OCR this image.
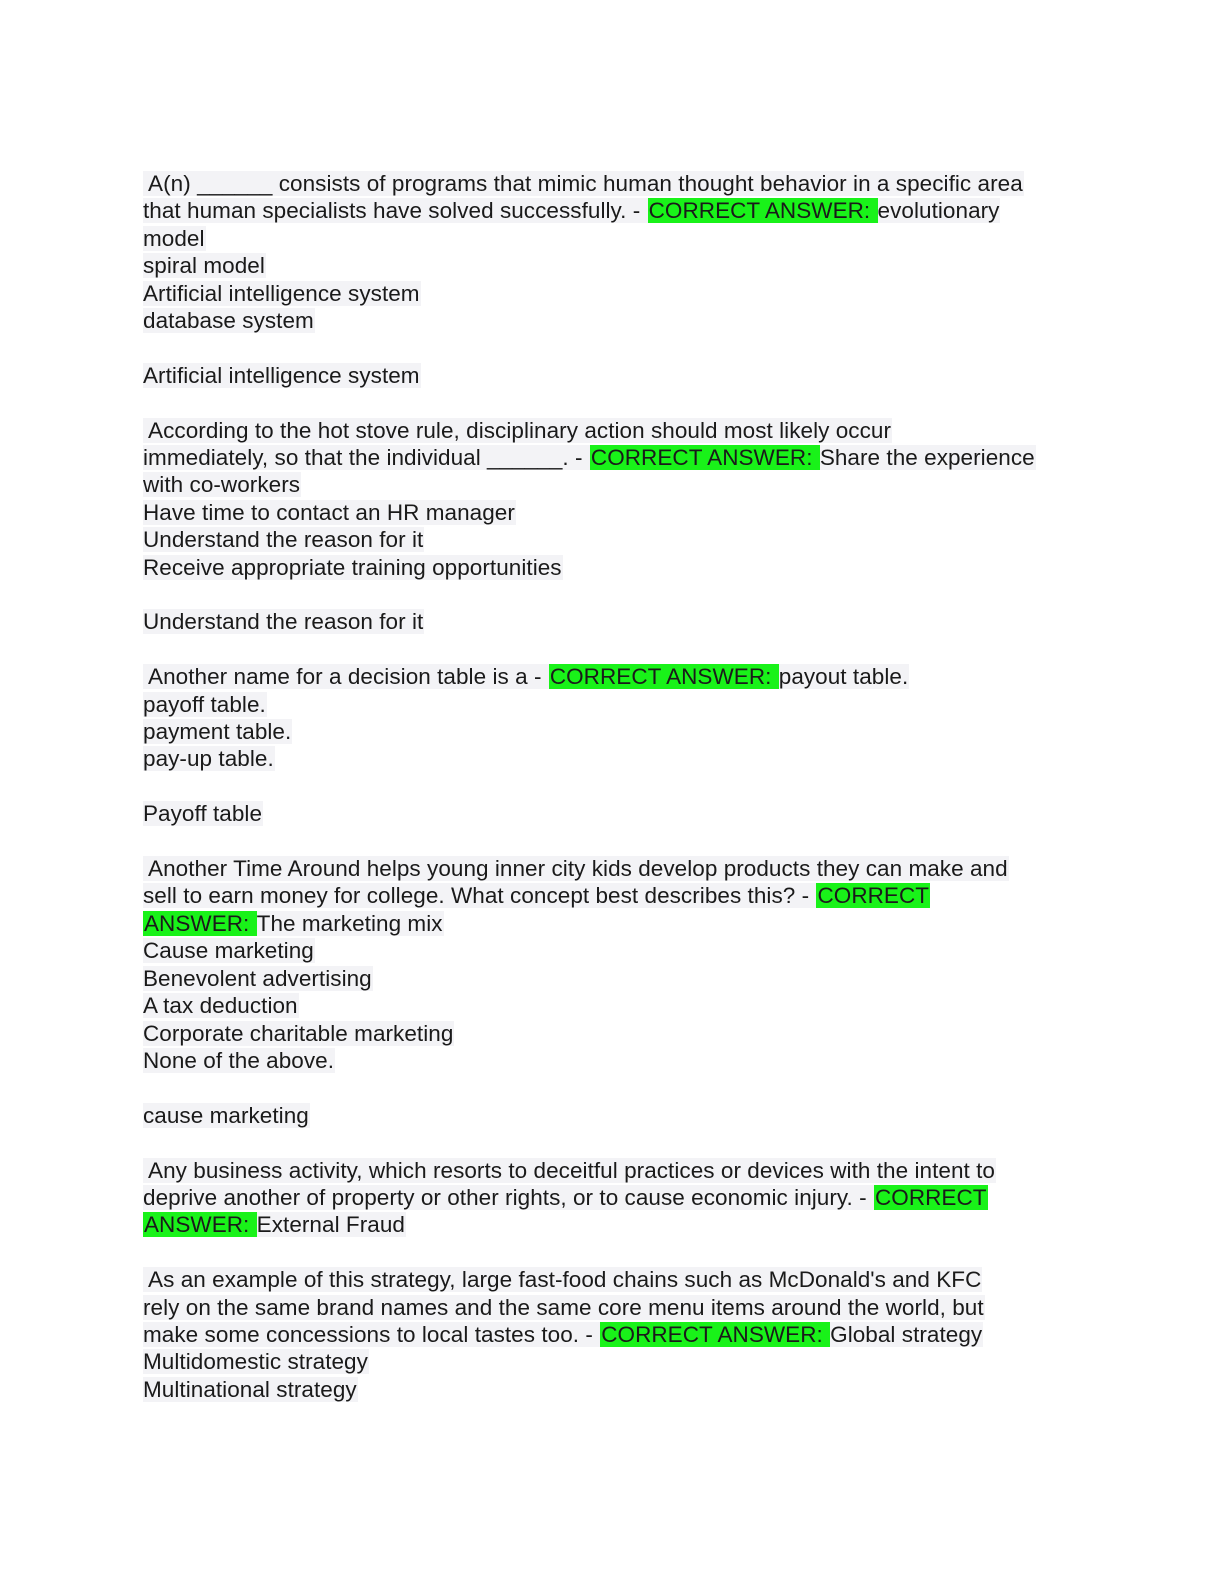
A(n) ______ consists of programs that mimic human thought behavior in a specific area
that human specialists have solved successfully. - CORRECT ANSWER: evolutionary
model
spiral model
Artificial intelligence system
database system
Artificial intelligence system
According to the hot stove rule, disciplinary action should most likely occur
immediately, so that the individual ______. - CORRECT ANSWER: Share the experience
with co-workers
Have time to contact an HR manager
Understand the reason for it
Receive appropriate training opportunities
Understand the reason for it
Another name for a decision table is a - CORRECT ANSWER: payout table.
payoff table.
payment table.
pay-up table.
Payoff table
Another Time Around helps young inner city kids develop products they can make and
sell to earn money for college. What concept best describes this? - CORRECT
ANSWER: The marketing mix
Cause marketing
Benevolent advertising
A tax deduction
Corporate charitable marketing
None of the above.
cause marketing
Any business activity, which resorts to deceitful practices or devices with the intent to
deprive another of property or other rights, or to cause economic injury. - CORRECT
ANSWER: External Fraud
As an example of this strategy, large fast-food chains such as McDonald's and KFC
rely on the same brand names and the same core menu items around the world, but
make some concessions to local tastes too. - CORRECT ANSWER: Global strategy
Multidomestic strategy
Multinational strategy
